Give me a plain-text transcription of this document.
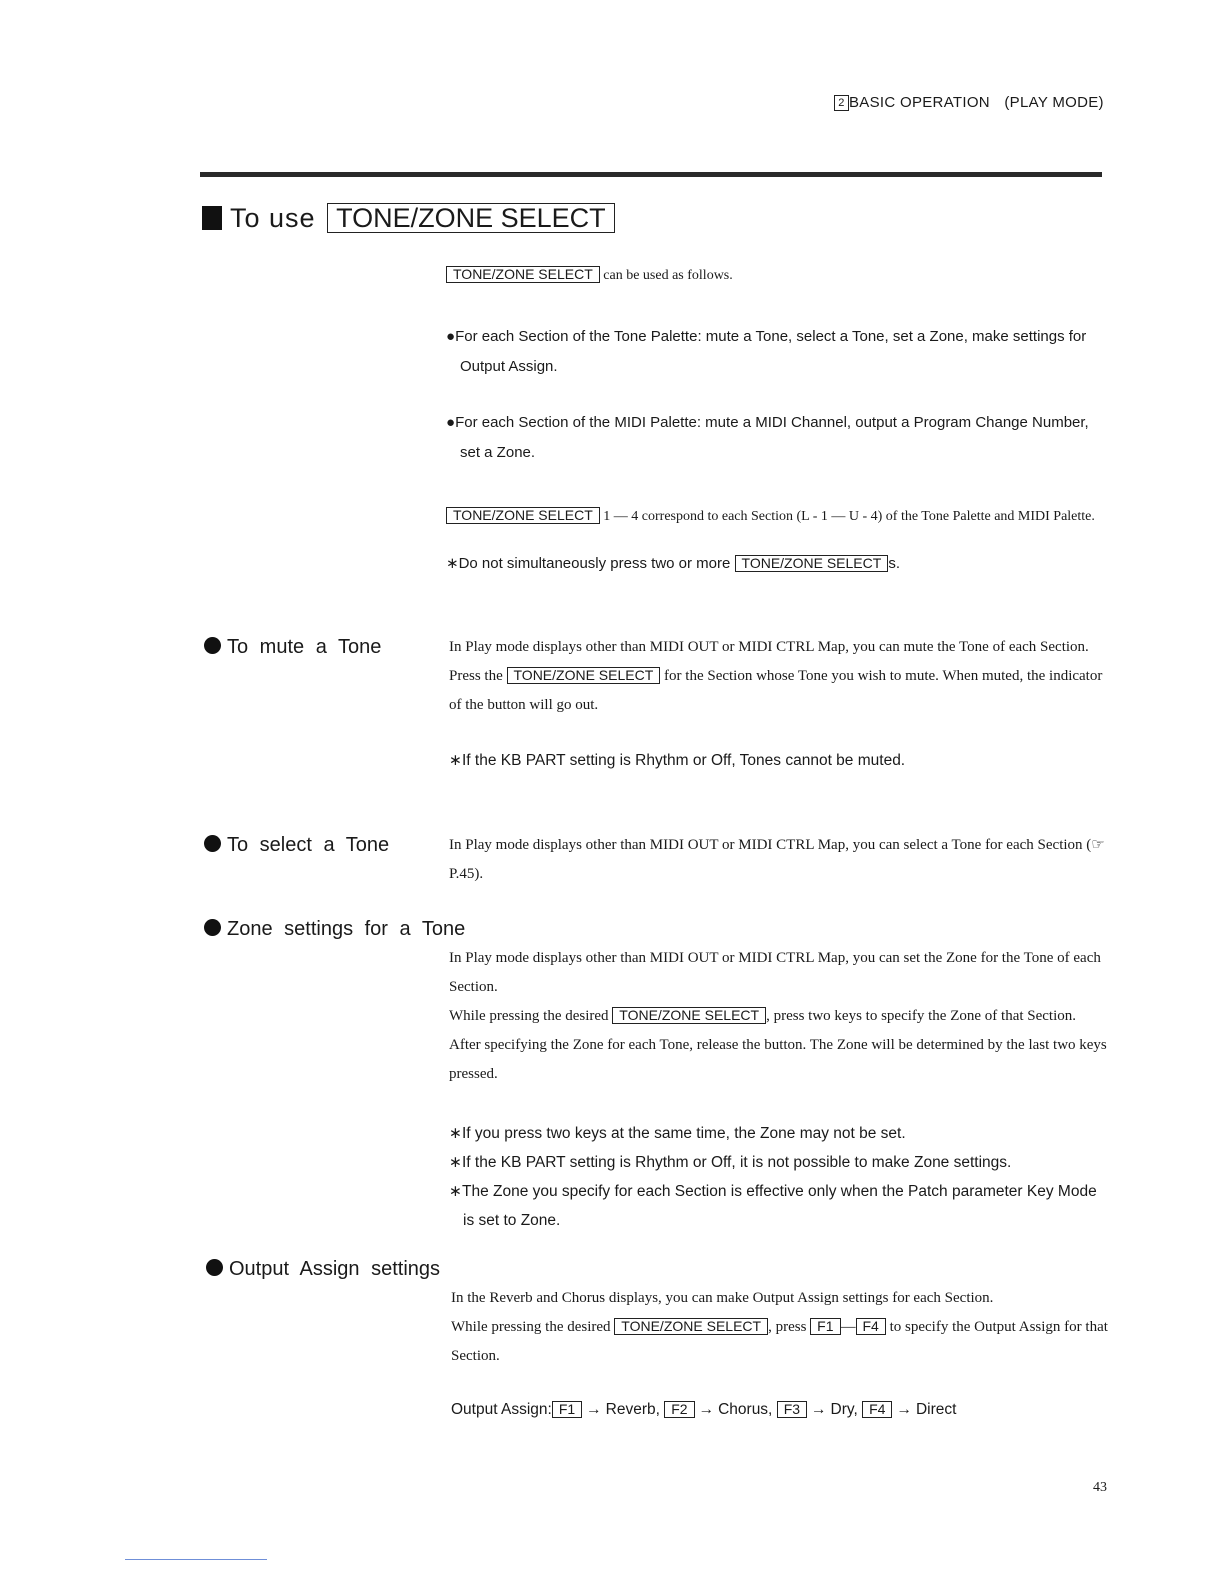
2 BASIC OPERATION (PLAY MODE)
To use TONE/ZONE SELECT

TONE/ZONE SELECT can be used as follows.

●For each Section of the Tone Palette: mute a Tone, select a Tone, set a Zone, make settings for Output Assign.

●For each Section of the MIDI Palette: mute a MIDI Channel, output a Program Change Number, set a Zone.

TONE/ZONE SELECT 1 — 4 correspond to each Section (L - 1 — U - 4) of the Tone Palette and MIDI Palette.

∗Do not simultaneously press two or more TONE/ZONE SELECT s.

To mute a Tone	In Play mode displays other than MIDI OUT or MIDI CTRL Map, you can mute the Tone of each Section.

Press the TONE/ZONE SELECT for the Section whose Tone you wish to mute. When muted, the indicator of the button will go out.

∗If the KB PART setting is Rhythm or Off, Tones cannot be muted.

To select a Tone	In Play mode displays other than MIDI OUT or MIDI CTRL Map, you can select a Tone for each Section (☞P.45).

Zone settings for a Tone

In Play mode displays other than MIDI OUT or MIDI CTRL Map, you can set the Zone for the Tone of each Section.

While pressing the desired TONE/ZONE SELECT , press two keys to specify the Zone of that Section. After specifying the Zone for each Tone, release the button. The Zone will be determined by the last two keys pressed.

∗If you press two keys at the same time, the Zone may not be set.

∗If the KB PART setting is Rhythm or Off, it is not possible to make Zone settings.

∗The Zone you specify for each Section is effective only when the Patch parameter Key Mode is set to Zone.

Output Assign settings

In the Reverb and Chorus displays, you can make Output Assign settings for each Section.

While pressing the desired TONE/ZONE SELECT , press F1 — F4 to specify the Output Assign for that Section.

Output Assign: F1 → Reverb, F2 → Chorus, F3 → Dry, F4 → Direct

43
